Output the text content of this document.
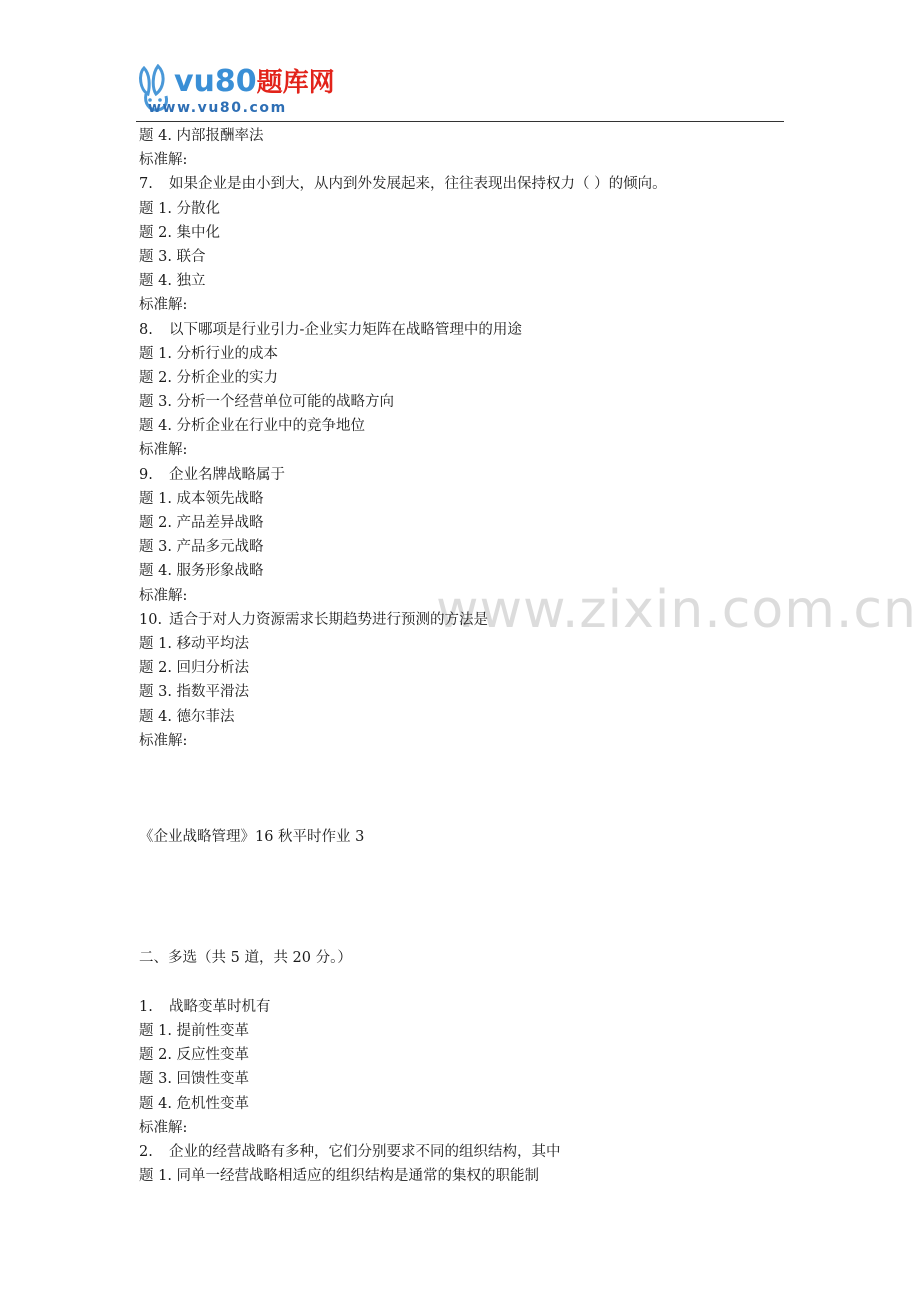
vu80题库网
www.vu80.com
www.zixin.com.cn
题 4. 内部报酬率法
标准解:
7. 如果企业是由小到大，从内到外发展起来，往往表现出保持权力（ ）的倾向。
题 1. 分散化
题 2. 集中化
题 3. 联合
题 4. 独立
标准解:
8. 以下哪项是行业引力-企业实力矩阵在战略管理中的用途
题 1. 分析行业的成本
题 2. 分析企业的实力
题 3. 分析一个经营单位可能的战略方向
题 4. 分析企业在行业中的竞争地位
标准解:
9. 企业名牌战略属于
题 1. 成本领先战略
题 2. 产品差异战略
题 3. 产品多元战略
题 4. 服务形象战略
标准解:
10. 适合于对人力资源需求长期趋势进行预测的方法是
题 1. 移动平均法
题 2. 回归分析法
题 3. 指数平滑法
题 4. 德尔菲法
标准解:
《企业战略管理》16 秋平时作业 3
二、多选（共 5 道，共 20 分。）
1. 战略变革时机有
题 1. 提前性变革
题 2. 反应性变革
题 3. 回馈性变革
题 4. 危机性变革
标准解:
2. 企业的经营战略有多种，它们分别要求不同的组织结构，其中
题 1. 同单一经营战略相适应的组织结构是通常的集权的职能制
